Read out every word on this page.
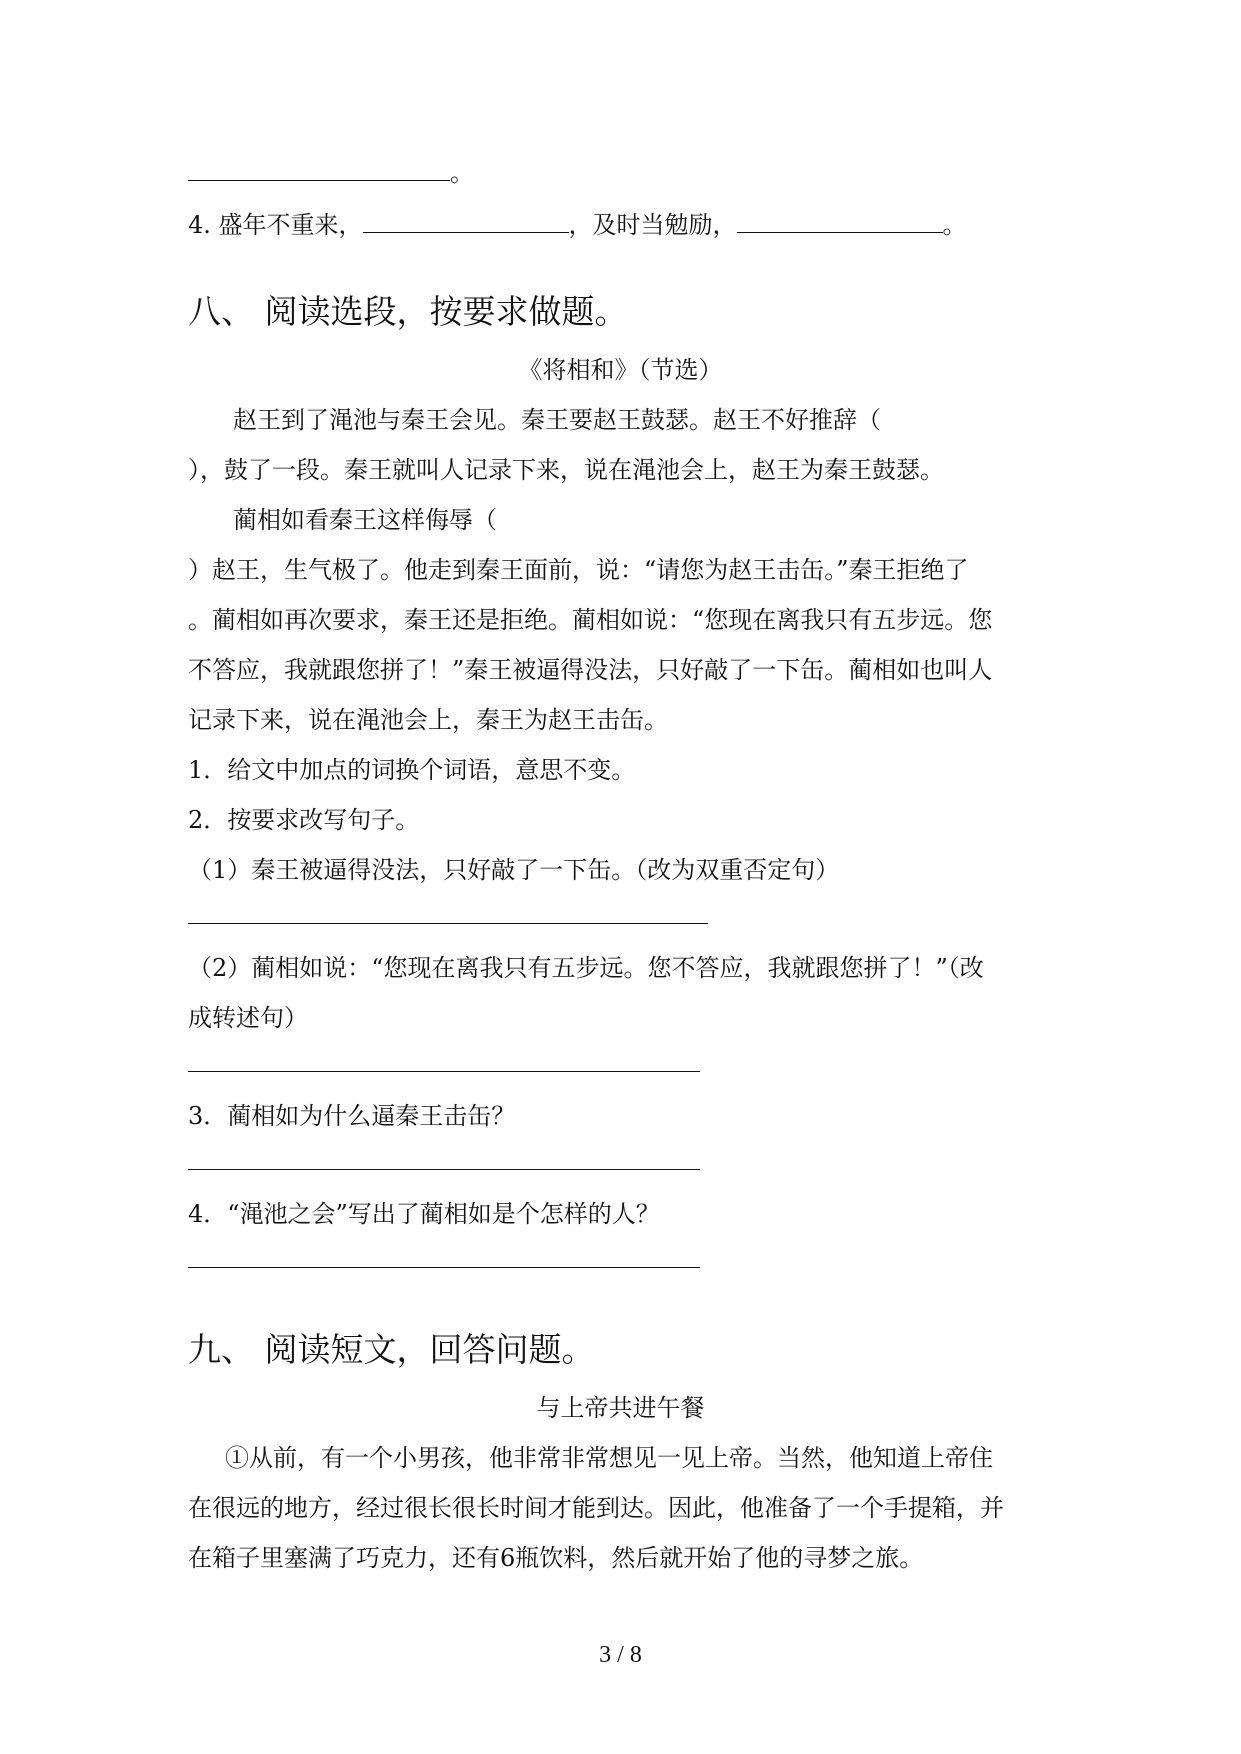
。
4. 盛年不重来，	，及时当勉励，	。
八、 阅读选段，按要求做题。
《将相和》（节选）
赵王到了渑池与秦王会见。秦王要赵王鼓瑟。赵王不好推辞（
），鼓了一段。秦王就叫人记录下来，说在渑池会上，赵王为秦王鼓瑟。
蔺相如看秦王这样侮辱（
）赵王，生气极了。他走到秦王面前，说：“请您为赵王击缶。”秦王拒绝了
。蔺相如再次要求，秦王还是拒绝。蔺相如说：“您现在离我只有五步远。您
不答应，我就跟您拼了！”秦王被逼得没法，只好敲了一下缶。蔺相如也叫人
记录下来，说在渑池会上，秦王为赵王击缶。
1．给文中加点的词换个词语，意思不变。
2．按要求改写句子。
（1）秦王被逼得没法，只好敲了一下缶。（改为双重否定句）
（2）蔺相如说：“您现在离我只有五步远。您不答应，我就跟您拼了！”（改
成转述句）
3．蔺相如为什么逼秦王击缶？
4．“渑池之会”写出了蔺相如是个怎样的人？
九、 阅读短文，回答问题。
与上帝共进午餐
①从前，有一个小男孩，他非常非常想见一见上帝。当然，他知道上帝住
在很远的地方，经过很长很长时间才能到达。因此，他准备了一个手提箱，并
在箱子里塞满了巧克力，还有6瓶饮料，然后就开始了他的寻梦之旅。
3 / 8
